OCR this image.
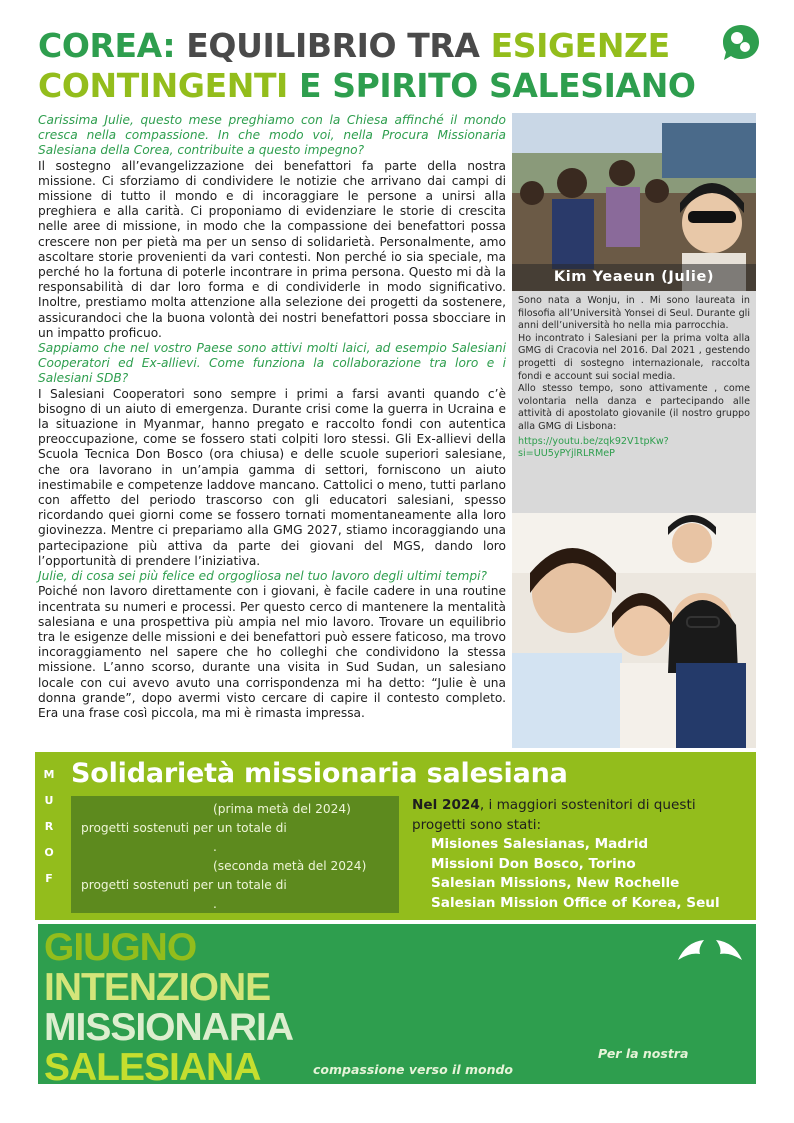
COREA: EQUILIBRIO TRA ESIGENZE
CONTINGENTI E SPIRITO SALESIANO

Carissima Julie, questo mese preghiamo con la Chiesa affinché il mondo cresca nella compassione. In che modo voi, nella Procura Missionaria Salesiana della Corea, contribuite a questo impegno?

Il sostegno all’evangelizzazione dei benefattori fa parte della nostra missione. Ci sforziamo di condividere le notizie che arrivano dai campi di missione di tutto il mondo e di incoraggiare le persone a unirsi alla preghiera e alla carità. Ci proponiamo di evidenziare le storie di crescita nelle aree di missione, in modo che la compassione dei benefattori possa crescere non per pietà ma per un senso di solidarietà. Personalmente, amo ascoltare storie provenienti da vari contesti. Non perché io sia speciale, ma perché ho la fortuna di poterle incontrare in prima persona. Questo mi dà la responsabilità di dar loro forma e di condividerle in modo significativo. Inoltre, prestiamo molta attenzione alla selezione dei progetti da sostenere, assicurandoci che la buona volontà dei nostri benefattori possa sbocciare in un impatto proficuo.

Sappiamo che nel vostro Paese sono attivi molti laici, ad esempio Salesiani Cooperatori ed Ex-allievi. Come funziona la collaborazione tra loro e i Salesiani SDB?

I Salesiani Cooperatori sono sempre i primi a farsi avanti quando c’è bisogno di un aiuto di emergenza. Durante crisi come la guerra in Ucraina e la situazione in Myanmar, hanno pregato e raccolto fondi con autentica preoccupazione, come se fossero stati colpiti loro stessi. Gli Ex-allievi della Scuola Tecnica Don Bosco (ora chiusa) e delle scuole superiori salesiane, che ora lavorano in un’ampia gamma di settori, forniscono un aiuto inestimabile e competenze laddove mancano. Cattolici o meno, tutti parlano con affetto del periodo trascorso con gli educatori salesiani, spesso ricordando quei giorni come se fossero tornati momentaneamente alla loro giovinezza. Mentre ci prepariamo alla GMG 2027, stiamo incoraggiando una partecipazione più attiva da parte dei giovani del MGS, dando loro l’opportunità di prendere l’iniziativa.

Julie, di cosa sei più felice ed orgogliosa nel tuo lavoro degli ultimi tempi?

Poiché non lavoro direttamente con i giovani, è facile cadere in una routine incentrata su numeri e processi. Per questo cerco di mantenere la mentalità salesiana e una prospettiva più ampia nel mio lavoro. Trovare un equilibrio tra le esigenze delle missioni e dei benefattori può essere faticoso, ma trovo incoraggiamento nel sapere che ho colleghi che condividono la stessa missione. L’anno scorso, durante una visita in Sud Sudan, un salesiano locale con cui avevo avuto una corrispondenza mi ha detto: “Julie è una donna grande”, dopo avermi visto cercare di capire il contesto completo. Era una frase così piccola, ma mi è rimasta impressa.

Kim Yeaeun (Julie)
Sono nata a Wonju, in . Mi sono laureata in filosofia all’Università Yonsei di Seul. Durante gli anni dell’università ho nella mia parrocchia.
Ho incontrato i Salesiani per la prima volta alla GMG di Cracovia nel 2016. Dal 2021 , gestendo progetti di sostegno internazionale, raccolta fondi e account sui social media.
Allo stesso tempo, sono attivamente , come volontaria nella danza e partecipando alle attività di apostolato giovanile (il nostro gruppo alla GMG di Lisbona:
https://youtu.be/zqk92V1tpKw?si=UU5yPYjlRLRMeP
M
U
R
O
F
Solidarietà missionaria salesiana
(prima metà del 2024)
progetti sostenuti per un totale di
.
(seconda metà del 2024)
progetti sostenuti per un totale di
.
Nel 2024, i maggiori sostenitori di questi progetti sono stati:
Misiones Salesianas, Madrid
Missioni Don Bosco, Torino
Salesian Missions, New Rochelle
Salesian Mission Office of Korea, Seul
GIUGNO
INTENZIONE
MISSIONARIA
SALESIANA	Per la nostra
compassione verso il mondo
